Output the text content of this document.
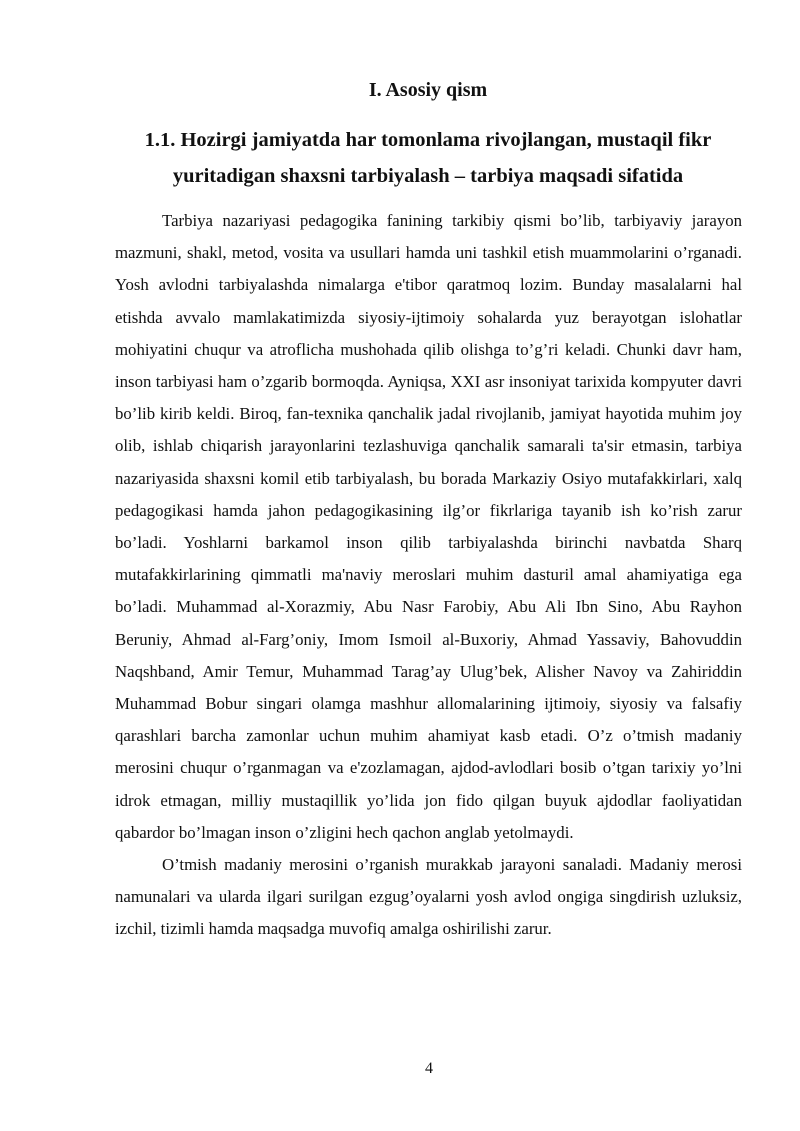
I. Asosiy qism
1.1. Hozirgi jamiyatda har tomonlama rivojlangan, mustaqil fikr yuritadigan shaxsni tarbiyalash – tarbiya maqsadi sifatida

Tarbiya nazariyasi pedagogika fanining tarkibiy qismi bo’lib, tarbiyaviy jarayon mazmuni, shakl, metod, vosita va usullari hamda uni tashkil etish muammolarini o’rganadi. Yosh avlodni tarbiyalashda nimalarga e'tibor qaratmoq lozim. Bunday masalalarni hal etishda avvalo mamlakatimizda siyosiy-ijtimoiy sohalarda yuz berayotgan islohatlar mohiyatini chuqur va atroflicha mushohada qilib olishga to’g’ri keladi. Chunki davr ham, inson tarbiyasi ham o’zgarib bormoqda. Ayniqsa, XXI asr insoniyat tarixida kompyuter davri bo’lib kirib keldi. Biroq, fan-texnika qanchalik jadal rivojlanib, jamiyat hayotida muhim joy olib, ishlab chiqarish jarayonlarini tezlashuviga qanchalik samarali ta'sir etmasin, tarbiya nazariyasida shaxsni komil etib tarbiyalash, bu borada Markaziy Osiyo mutafakkirlari, xalq pedagogikasi hamda jahon pedagogikasining ilg’or fikrlariga tayanib ish ko’rish zarur bo’ladi. Yoshlarni barkamol inson qilib tarbiyalashda birinchi navbatda Sharq mutafakkirlarining qimmatli ma'naviy meroslari muhim dasturil amal ahamiyatiga ega bo’ladi. Muhammad al-Xorazmiy, Abu Nasr Farobiy, Abu Ali Ibn Sino, Abu Rayhon Beruniy, Ahmad al-Farg’oniy, Imom Ismoil al-Buxoriy, Ahmad Yassaviy, Bahovuddin Naqshband, Amir Temur, Muhammad Tarag’ay Ulug’bek, Alisher Navoy va Zahiriddin Muhammad Bobur singari olamga mashhur allomalarining ijtimoiy, siyosiy va falsafiy qarashlari barcha zamonlar uchun muhim ahamiyat kasb etadi. O’z o’tmish madaniy merosini chuqur o’rganmagan va e'zozlamagan, ajdod-avlodlari bosib o’tgan tarixiy yo’lni idrok etmagan, milliy mustaqillik yo’lida jon fido qilgan buyuk ajdodlar faoliyatidan qabardor bo’lmagan inson o’zligini hech qachon anglab yetolmaydi.

O’tmish madaniy merosini o’rganish murakkab jarayoni sanaladi. Madaniy merosi namunalari va ularda ilgari surilgan ezgug’oyalarni yosh avlod ongiga singdirish uzluksiz, izchil, tizimli hamda maqsadga muvofiq amalga oshirilishi zarur.

4
